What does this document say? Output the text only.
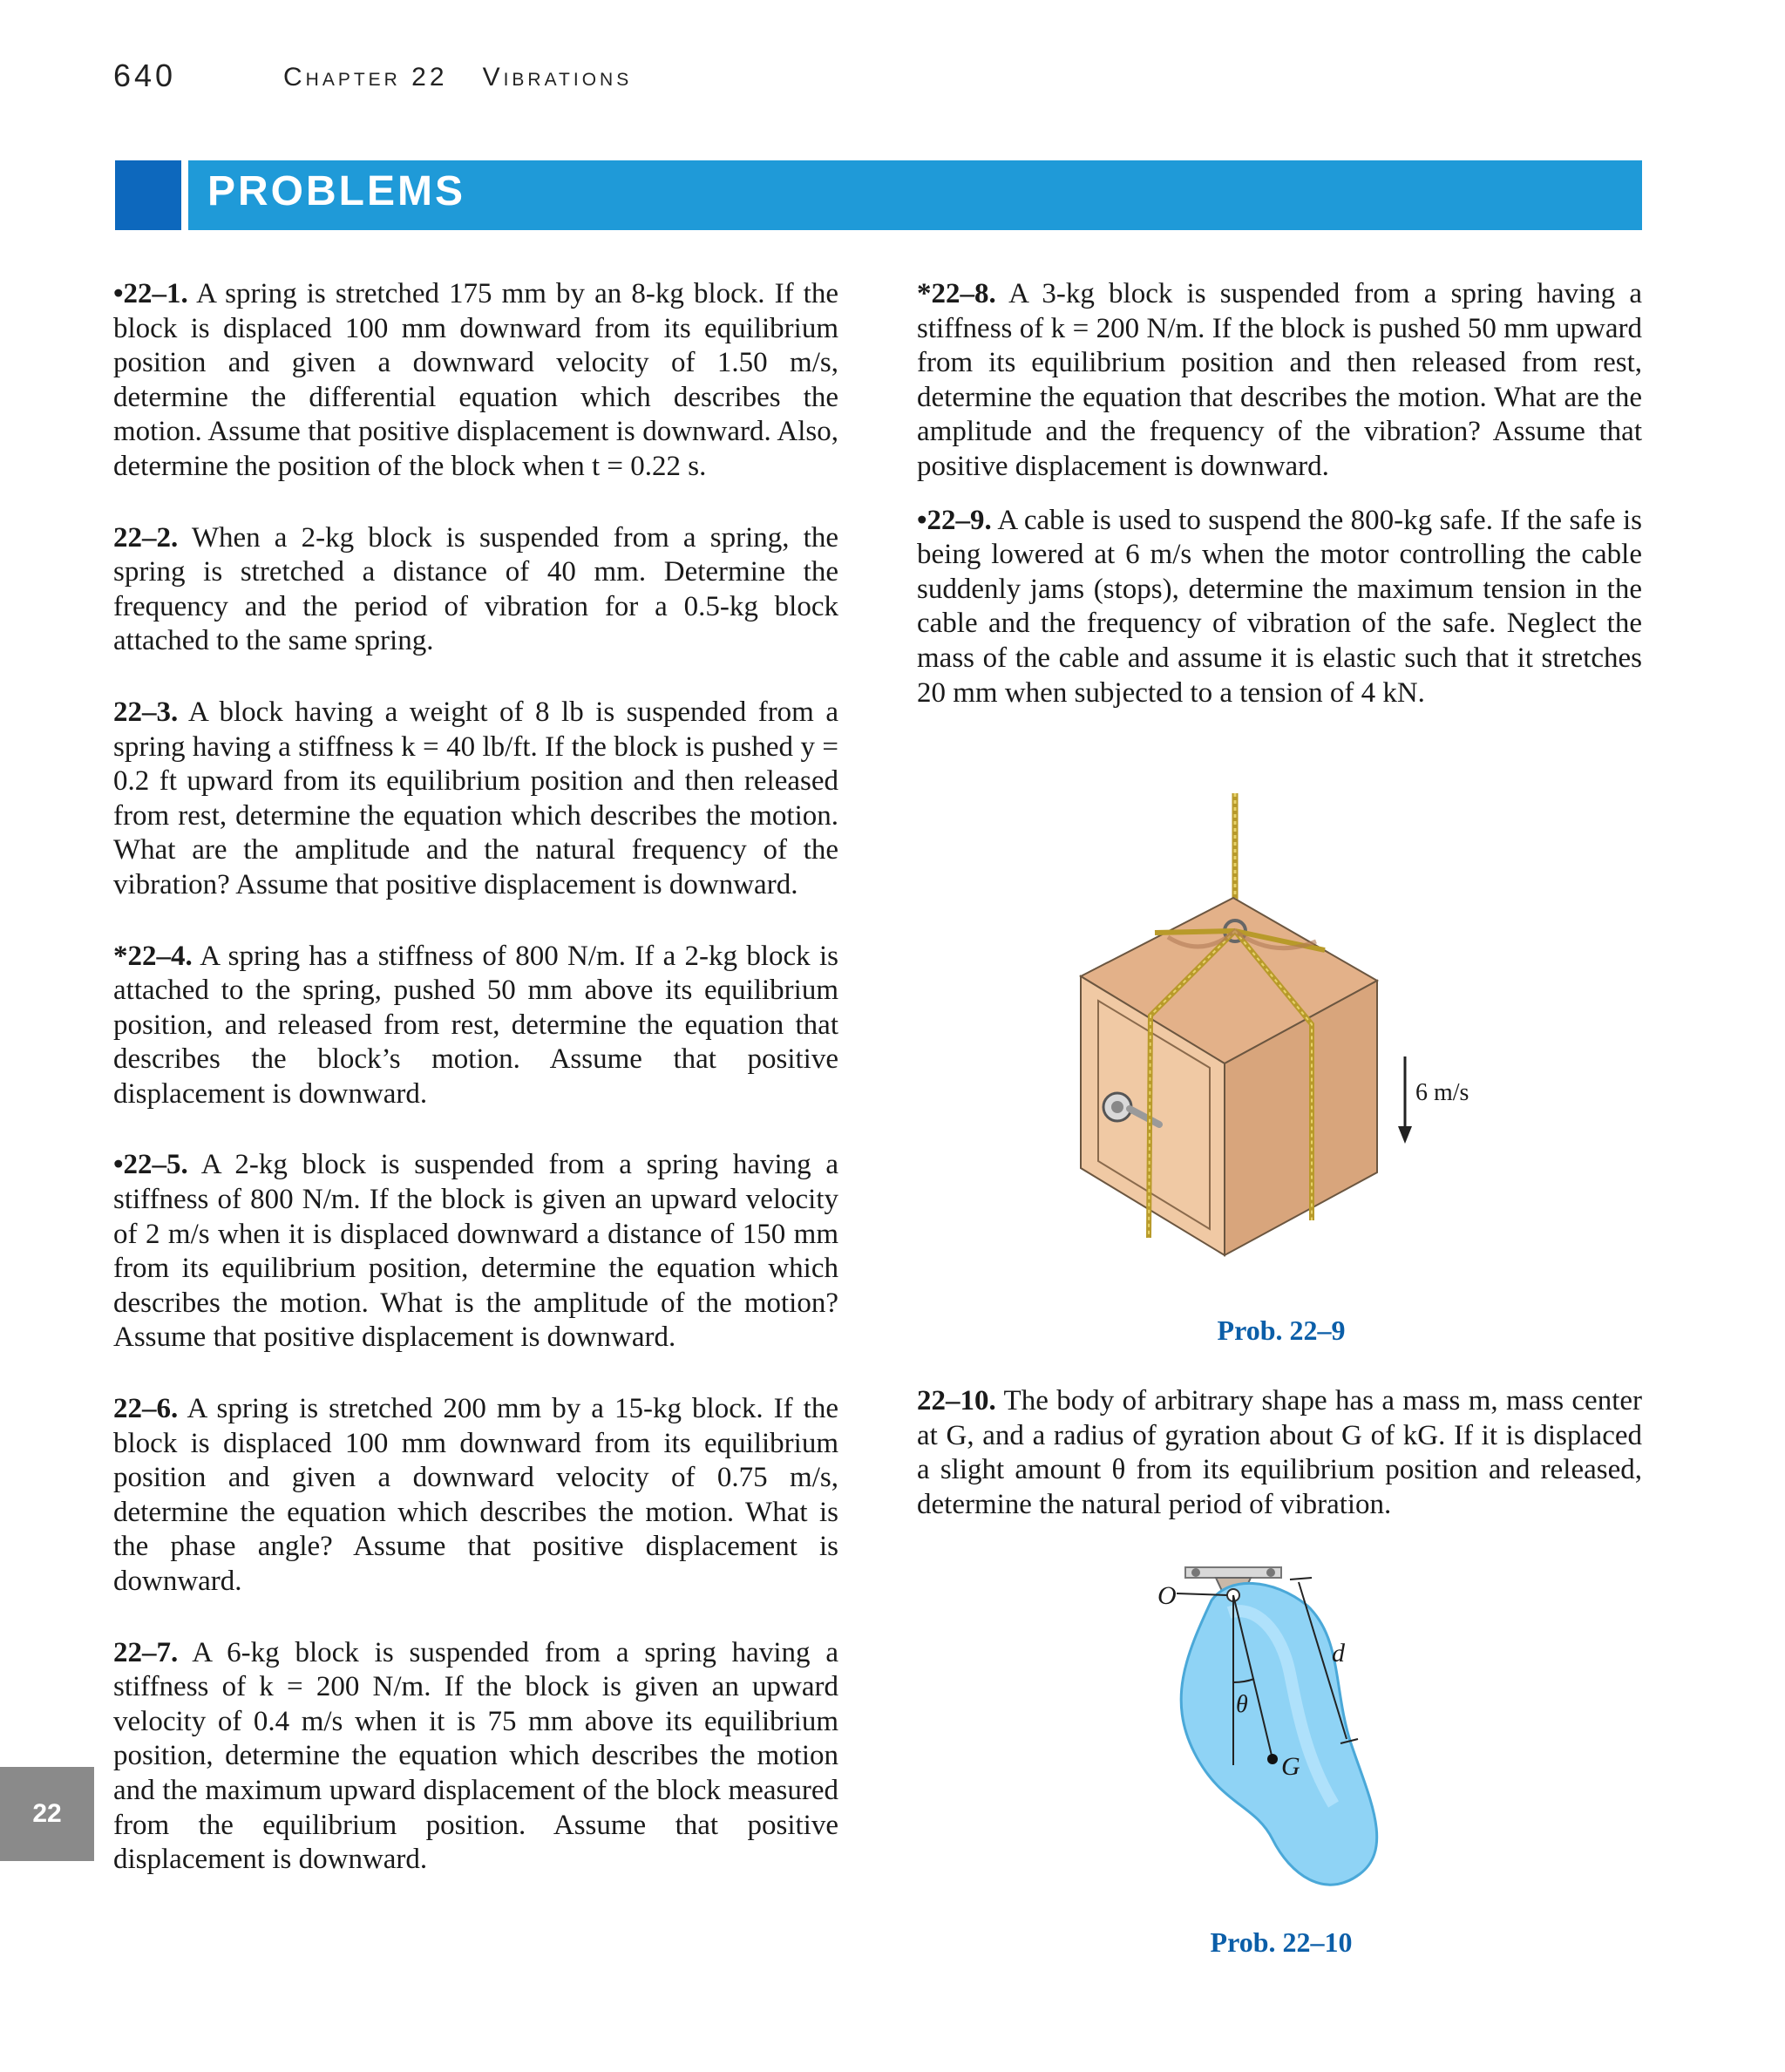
640	Chapter 22 Vibrations
PROBLEMS

•22–1. A spring is stretched 175 mm by an 8-kg block. If the block is displaced 100 mm downward from its equilibrium position and given a downward velocity of 1.50 m/s, determine the differential equation which describes the motion. Assume that positive displacement is downward. Also, determine the position of the block when t = 0.22 s.

22–2. When a 2-kg block is suspended from a spring, the spring is stretched a distance of 40 mm. Determine the frequency and the period of vibration for a 0.5-kg block attached to the same spring.

22–3. A block having a weight of 8 lb is suspended from a spring having a stiffness k = 40 lb/ft. If the block is pushed y = 0.2 ft upward from its equilibrium position and then released from rest, determine the equation which describes the motion. What are the amplitude and the natural frequency of the vibration? Assume that positive displacement is downward.

*22–4. A spring has a stiffness of 800 N/m. If a 2-kg block is attached to the spring, pushed 50 mm above its equilibrium position, and released from rest, determine the equation that describes the block’s motion. Assume that positive displacement is downward.

•22–5. A 2-kg block is suspended from a spring having a stiffness of 800 N/m. If the block is given an upward velocity of 2 m/s when it is displaced downward a distance of 150 mm from its equilibrium position, determine the equation which describes the motion. What is the amplitude of the motion? Assume that positive displacement is downward.

22–6. A spring is stretched 200 mm by a 15-kg block. If the block is displaced 100 mm downward from its equilibrium position and given a downward velocity of 0.75 m/s, determine the equation which describes the motion. What is the phase angle? Assume that positive displacement is downward.

22–7. A 6-kg block is suspended from a spring having a stiffness of k = 200 N/m. If the block is given an upward velocity of 0.4 m/s when it is 75 mm above its equilibrium position, determine the equation which describes the motion and the maximum upward displacement of the block measured from the equilibrium position. Assume that positive displacement is downward.

*22–8. A 3-kg block is suspended from a spring having a stiffness of k = 200 N/m. If the block is pushed 50 mm upward from its equilibrium position and then released from rest, determine the equation that describes the motion. What are the amplitude and the frequency of the vibration? Assume that positive displacement is downward.

•22–9. A cable is used to suspend the 800-kg safe. If the safe is being lowered at 6 m/s when the motor controlling the cable suddenly jams (stops), determine the maximum tension in the cable and the frequency of vibration of the safe. Neglect the mass of the cable and assume it is elastic such that it stretches 20 mm when subjected to a tension of 4 kN.

6 m/s
Prob. 22–9

22–10. The body of arbitrary shape has a mass m, mass center at G, and a radius of gyration about G of kG. If it is displaced a slight amount θ from its equilibrium position and released, determine the natural period of vibration.

O
d
θ
G
Prob. 22–10
22
